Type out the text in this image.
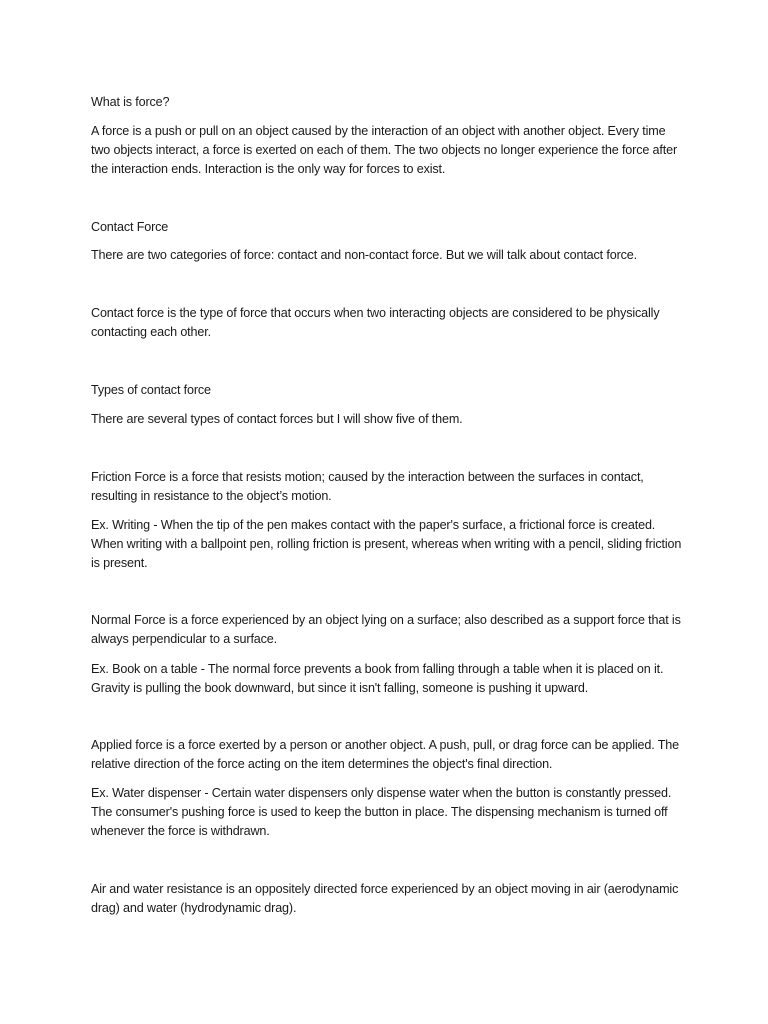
What is force?

A force is a push or pull on an object caused by the interaction of an object with another object. Every time two objects interact, a force is exerted on each of them. The two objects no longer experience the force after the interaction ends. Interaction is the only way for forces to exist.

Contact Force

There are two categories of force: contact and non-contact force. But we will talk about contact force.

Contact force is the type of force that occurs when two interacting objects are considered to be physically contacting each other.

Types of contact force

There are several types of contact forces but I will show five of them.

Friction Force is a force that resists motion; caused by the interaction between the surfaces in contact, resulting in resistance to the object’s motion.

Ex. Writing - When the tip of the pen makes contact with the paper's surface, a frictional force is created. When writing with a ballpoint pen, rolling friction is present, whereas when writing with a pencil, sliding friction is present.

Normal Force is a force experienced by an object lying on a surface; also described as a support force that is always perpendicular to a surface.

Ex. Book on a table - The normal force prevents a book from falling through a table when it is placed on it. Gravity is pulling the book downward, but since it isn't falling, someone is pushing it upward.

Applied force is a force exerted by a person or another object. A push, pull, or drag force can be applied. The relative direction of the force acting on the item determines the object's final direction.

Ex. Water dispenser - Certain water dispensers only dispense water when the button is constantly pressed. The consumer's pushing force is used to keep the button in place. The dispensing mechanism is turned off whenever the force is withdrawn.

Air and water resistance is an oppositely directed force experienced by an object moving in air (aerodynamic drag) and water (hydrodynamic drag).
